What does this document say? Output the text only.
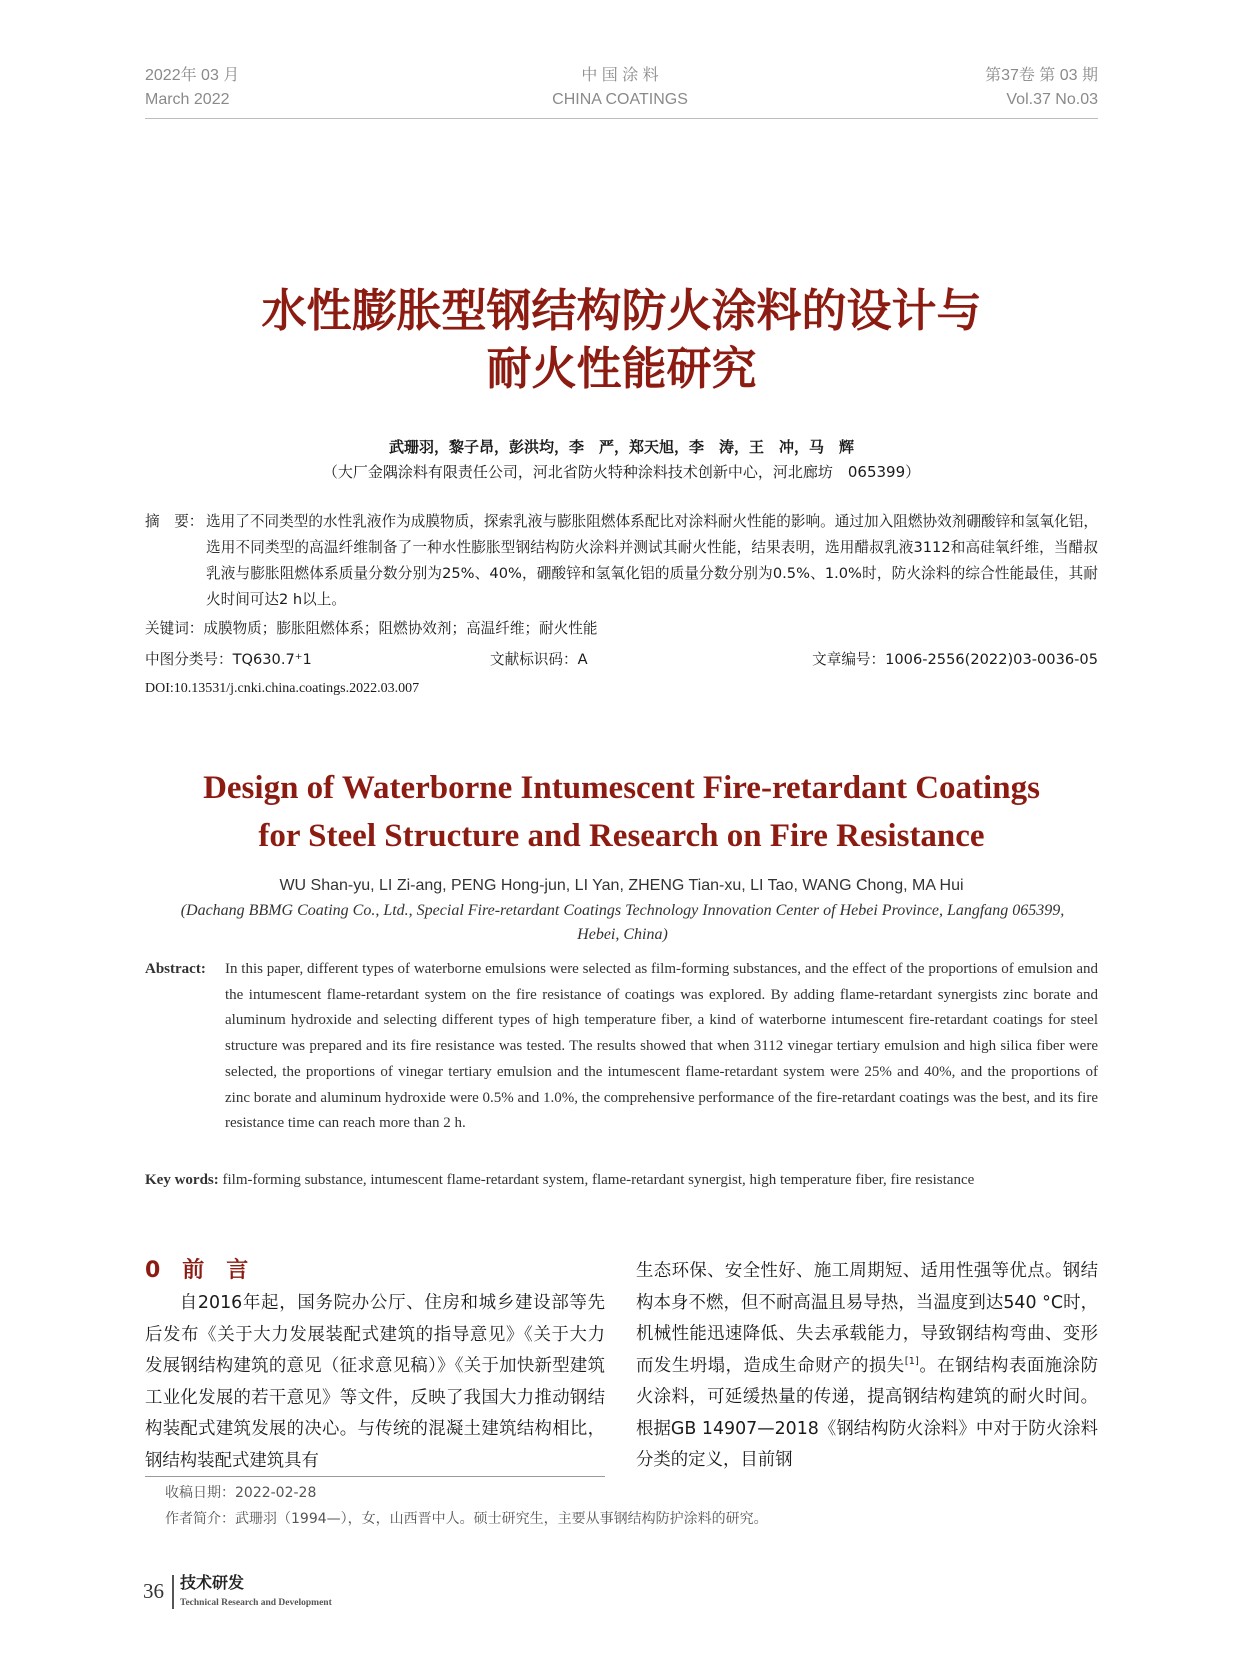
2022年 03 月
March 2022
中 国 涂 料
CHINA COATINGS
第37卷 第 03 期
Vol.37 No.03
水性膨胀型钢结构防火涂料的设计与
耐火性能研究
武珊羽，黎子昂，彭洪均，李　严，郑天旭，李　涛，王　冲，马　辉
（大厂金隅涂料有限责任公司，河北省防火特种涂料技术创新中心，河北廊坊　065399）
摘　要： 选用了不同类型的水性乳液作为成膜物质，探索乳液与膨胀阻燃体系配比对涂料耐火性能的影响。通过加入阻燃协效剂硼酸锌和氢氧化铝，选用不同类型的高温纤维制备了一种水性膨胀型钢结构防火涂料并测试其耐火性能，结果表明，选用醋叔乳液3112和高硅氧纤维，当醋叔乳液与膨胀阻燃体系质量分数分别为25%、40%，硼酸锌和氢氧化铝的质量分数分别为0.5%、1.0%时，防火涂料的综合性能最佳，其耐火时间可达2 h以上。
关键词：成膜物质；膨胀阻燃体系；阻燃协效剂；高温纤维；耐火性能
中图分类号：TQ630.7⁺1	文献标识码：A	文章编号：1006-2556(2022)03-0036-05
DOI:10.13531/j.cnki.china.coatings.2022.03.007
Design of Waterborne Intumescent Fire-retardant Coatings
for Steel Structure and Research on Fire Resistance
WU Shan-yu, LI Zi-ang, PENG Hong-jun, LI Yan, ZHENG Tian-xu, LI Tao, WANG Chong, MA Hui
(Dachang BBMG Coating Co., Ltd., Special Fire-retardant Coatings Technology Innovation Center of Hebei Province, Langfang 065399, Hebei, China)
Abstract: In this paper, different types of waterborne emulsions were selected as film-forming substances, and the effect of the proportions of emulsion and the intumescent flame-retardant system on the fire resistance of coatings was explored. By adding flame-retardant synergists zinc borate and aluminum hydroxide and selecting different types of high temperature fiber, a kind of waterborne intumescent fire-retardant coatings for steel structure was prepared and its fire resistance was tested. The results showed that when 3112 vinegar tertiary emulsion and high silica fiber were selected, the proportions of vinegar tertiary emulsion and the intumescent flame-retardant system were 25% and 40%, and the proportions of zinc borate and aluminum hydroxide were 0.5% and 1.0%, the comprehensive performance of the fire-retardant coatings was the best, and its fire resistance time can reach more than 2 h.
Key words: film-forming substance, intumescent flame-retardant system, flame-retardant synergist, high temperature fiber, fire resistance
0　前　言
自2016年起，国务院办公厅、住房和城乡建设部等先后发布《关于大力发展装配式建筑的指导意见》《关于大力发展钢结构建筑的意见（征求意见稿）》《关于加快新型建筑工业化发展的若干意见》等文件，反映了我国大力推动钢结构装配式建筑发展的决心。与传统的混凝土建筑结构相比，钢结构装配式建筑具有
生态环保、安全性好、施工周期短、适用性强等优点。钢结构本身不燃，但不耐高温且易导热，当温度到达540 °C时，机械性能迅速降低、失去承载能力，导致钢结构弯曲、变形而发生坍塌，造成生命财产的损失[1]。在钢结构表面施涂防火涂料，可延缓热量的传递，提高钢结构建筑的耐火时间。根据GB 14907—2018《钢结构防火涂料》中对于防火涂料分类的定义，目前钢
收稿日期：2022-02-28
作者简介：武珊羽（1994—），女，山西晋中人。硕士研究生，主要从事钢结构防护涂料的研究。
36 技术研发
Technical Research and Development
